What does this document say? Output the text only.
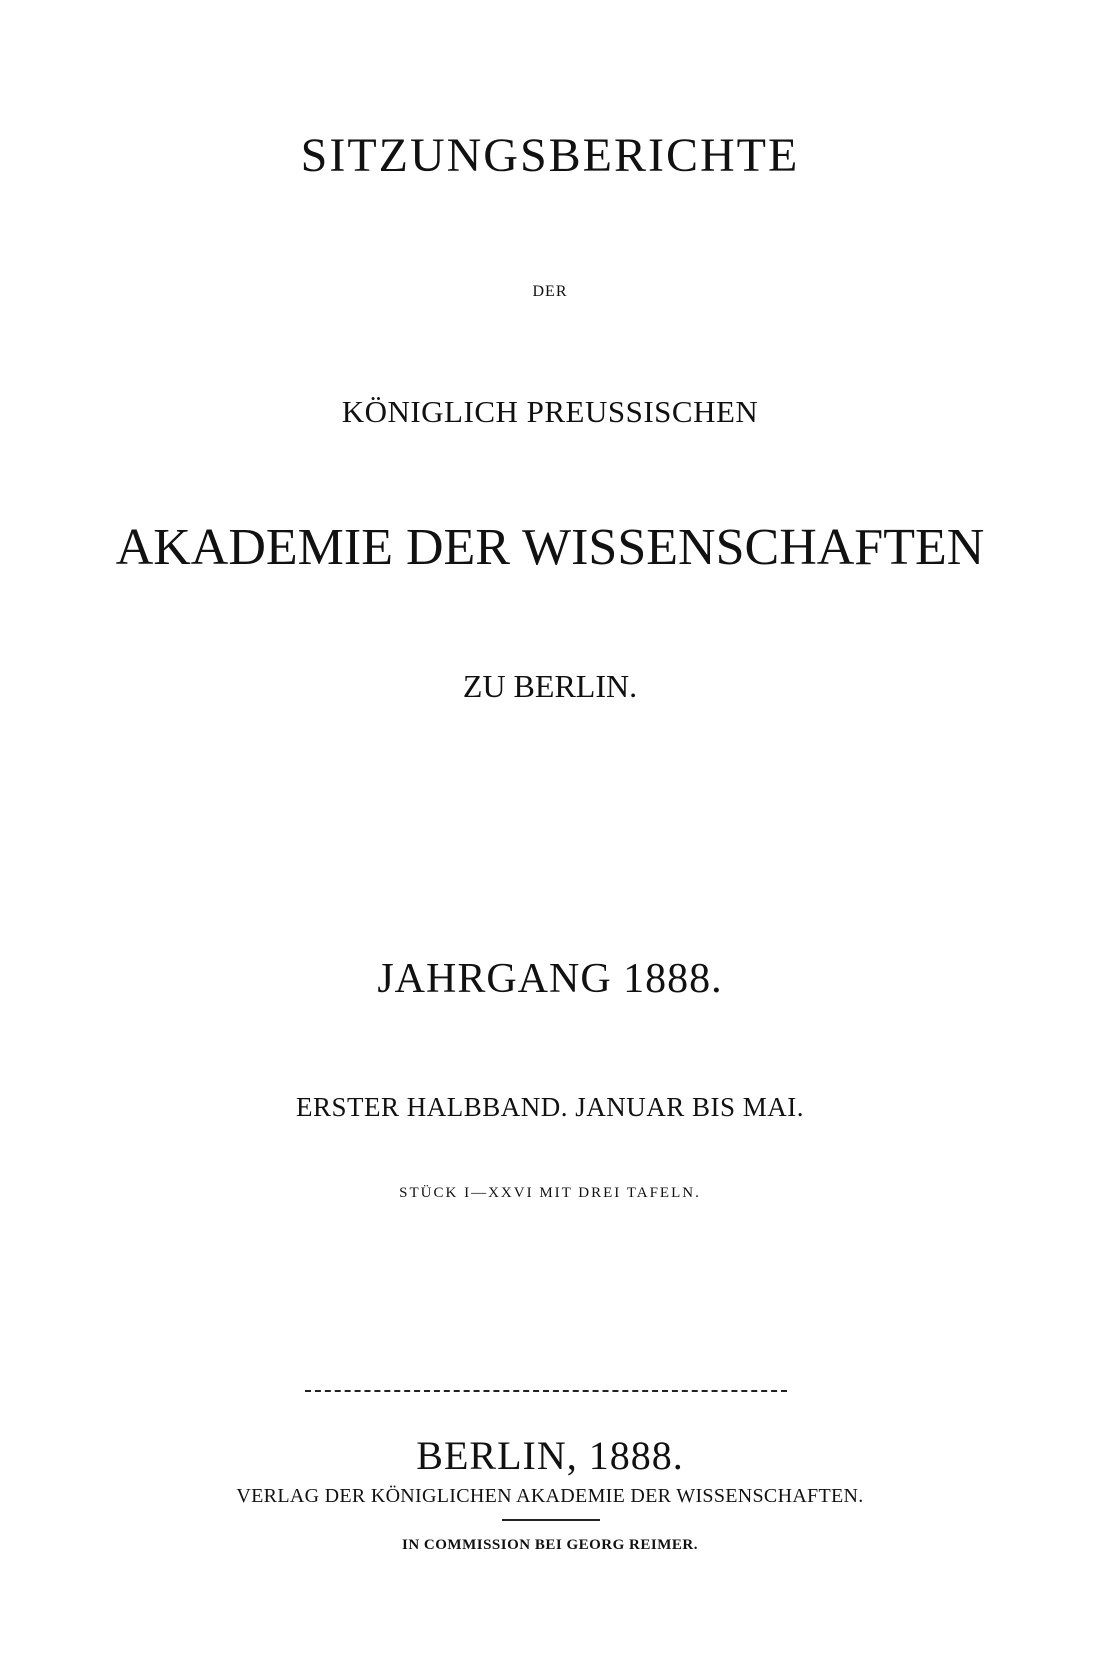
SITZUNGSBERICHTE
DER
KÖNIGLICH PREUSSISCHEN
AKADEMIE DER WISSENSCHAFTEN
ZU BERLIN.
JAHRGANG 1888.
ERSTER HALBBAND. JANUAR BIS MAI.
STÜCK I—XXVI MIT DREI TAFELN.
BERLIN, 1888.
VERLAG DER KÖNIGLICHEN AKADEMIE DER WISSENSCHAFTEN.
IN COMMISSION BEI GEORG REIMER.
